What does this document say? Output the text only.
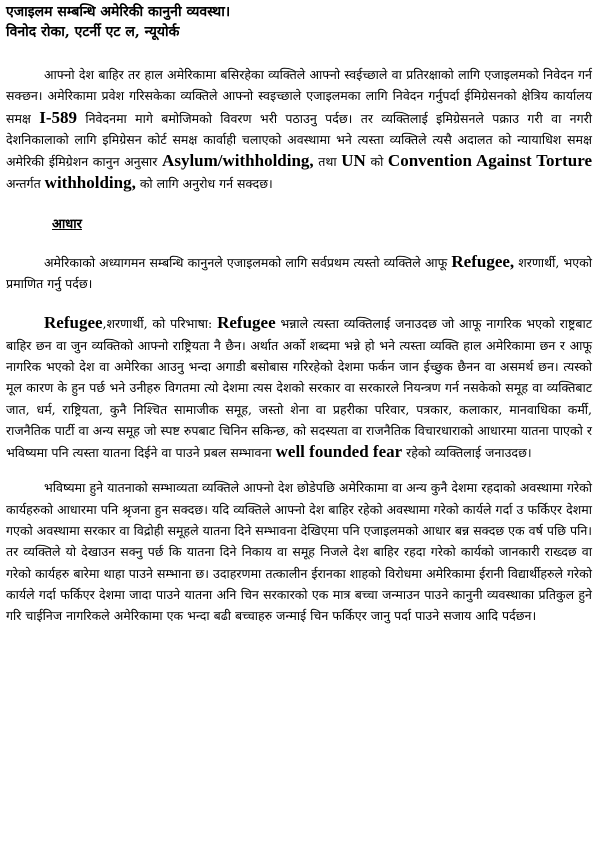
एजाइलम सम्बन्धि अमेरिकी कानुनी व्यवस्था।
विनोद रोका, एटर्नी एट ल, न्यूयोर्क

आफ्नो देश बाहिर तर हाल अमेरिकामा बसिरहेका व्यक्तिले आफ्नो स्वईच्छाले वा प्रतिरक्षाको लागि एजाइलमको निवेदन गर्न सक्छन। अमेरिकामा प्रवेश गरिसकेका व्यक्तिले आफ्नो स्वइच्छाले एजाइलमका लागि निवेदन गर्नुपर्दा ईमिग्रेसनको क्षेत्रिय कार्यालय समक्ष I-589 निवेदनमा मागे बमोजिमको विवरण भरी पठाउनु पर्दछ। तर व्यक्तिलाई इमिग्रेसनले पक्राउ गरी वा नगरी देशनिकालाको लागि इमिग्रेसन कोर्ट समक्ष कार्वाही चलाएको अवस्थामा भने त्यस्ता व्यक्तिले त्यसै अदालत को न्यायाधिश समक्ष अमेरिकी ईमिग्रेशन कानुन अनुसार Asylum/withholding, तथा UN को Convention Against Torture अन्तर्गत withholding, को लागि अनुरोध गर्न सक्दछ।

आधार

अमेरिकाको अध्यागमन सम्बन्धि कानुनले एजाइलमको लागि सर्वप्रथम त्यस्तो व्यक्तिले आफू Refugee, शरणार्थी, भएको प्रमाणित गर्नु पर्दछ।

Refugee,शरणार्थी, को परिभाषा: Refugee भन्नाले त्यस्ता व्यक्तिलाई जनाउदछ जो आफू नागरिक भएको राष्ट्रबाट बाहिर छन वा जुन व्यक्तिको आफ्नो राष्ट्रियता नै छैन। अर्थात अर्को शब्दमा भन्ने हो भने त्यस्ता व्यक्ति हाल अमेरिकामा छन र आफू नागरिक भएको देश वा अमेरिका आउनु भन्दा अगाडी बसोबास गरिरहेको देशमा फर्कन जान ईच्छुक छैनन वा असमर्थ छन। त्यस्को मूल कारण के हुन पर्छ भने उनीहरु विगतमा त्यो देशमा त्यस देशको सरकार वा सरकारले नियन्त्रण गर्न नसकेको समूह वा व्यक्तिबाट जात, धर्म, राष्ट्रियता, कुनै निश्चित सामाजीक समूह, जस्तो शेना वा प्रहरीका परिवार, पत्रकार, कलाकार, मानवाधिका कर्मी, राजनैतिक पार्टी वा अन्य समूह जो स्पष्ट रुपबाट चिनिन सकिन्छ, को सदस्यता वा राजनैतिक विचारधाराको आधारमा यातना पाएको र भविष्यमा पनि त्यस्ता यातना दिईने वा पाउने प्रबल सम्भावना well founded fear रहेको व्यक्तिलाई जनाउदछ।

भविष्यमा हुने यातनाको सम्भाव्यता व्यक्तिले आफ्नो देश छोडेपछि अमेरिकामा वा अन्य कुनै देशमा रहदाको अवस्थामा गरेको कार्यहरुको आधारमा पनि श्रृजना हुन सक्दछ। यदि व्यक्तिले आफ्नो देश बाहिर रहेको अवस्थामा गरेको कार्यले गर्दा उ फर्किएर देशमा गएको अवस्थामा सरकार वा विद्रोही समूहले यातना दिने सम्भावना देखिएमा पनि एजाइलमको आधार बन्न सक्दछ एक वर्ष पछि पनि। तर व्यक्तिले यो देखाउन सक्नु पर्छ कि यातना दिने निकाय वा समूह निजले देश बाहिर रहदा गरेको कार्यको जानकारी राख्दछ वा गरेको कार्यहरु बारेमा थाहा पाउने सम्भाना छ। उदाहरणमा तत्कालीन ईरानका शाहको विरोधमा अमेरिकामा ईरानी विद्यार्थीहरुले गरेको कार्यले गर्दा फर्किएर देशमा जादा पाउने यातना अनि चिन सरकारको एक मात्र बच्चा जन्माउन पाउने कानुनी व्यवस्थाका प्रतिकुल हुने गरि चाईनिज नागरिकले अमेरिकामा एक भन्दा बढी बच्चाहरु जन्माई चिन फर्किएर जानु पर्दा पाउने सजाय आदि पर्दछन।
